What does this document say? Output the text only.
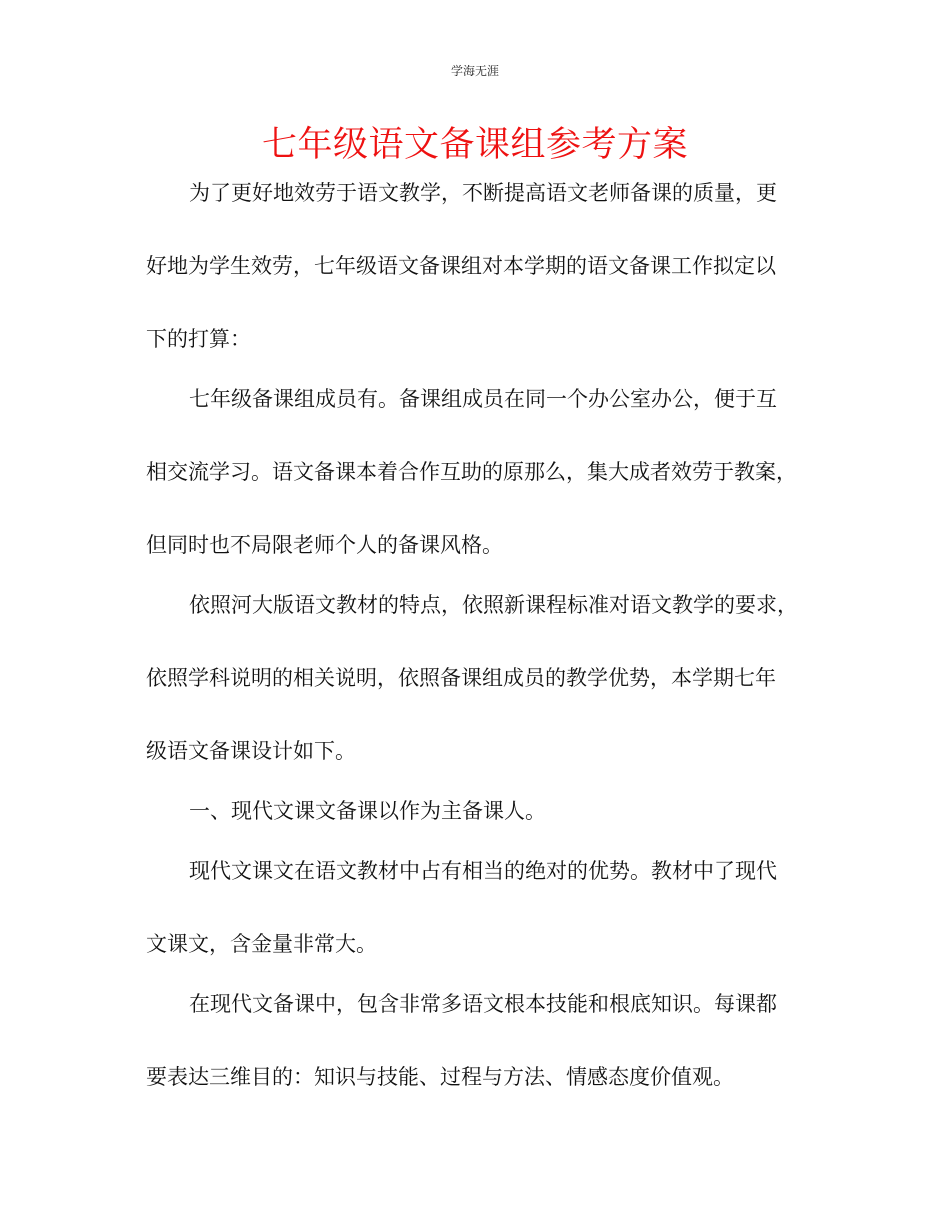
学海无涯
七年级语文备课组参考方案
为了更好地效劳于语文教学，不断提高语文老师备课的质量，更
好地为学生效劳，七年级语文备课组对本学期的语文备课工作拟定以
下的打算：
七年级备课组成员有。备课组成员在同一个办公室办公，便于互
相交流学习。语文备课本着合作互助的原那么，集大成者效劳于教案，
但同时也不局限老师个人的备课风格。
依照河大版语文教材的特点，依照新课程标准对语文教学的要求，
依照学科说明的相关说明，依照备课组成员的教学优势，本学期七年
级语文备课设计如下。
一、现代文课文备课以作为主备课人。
现代文课文在语文教材中占有相当的绝对的优势。教材中了现代
文课文，含金量非常大。
在现代文备课中，包含非常多语文根本技能和根底知识。每课都
要表达三维目的：知识与技能、过程与方法、情感态度价值观。
